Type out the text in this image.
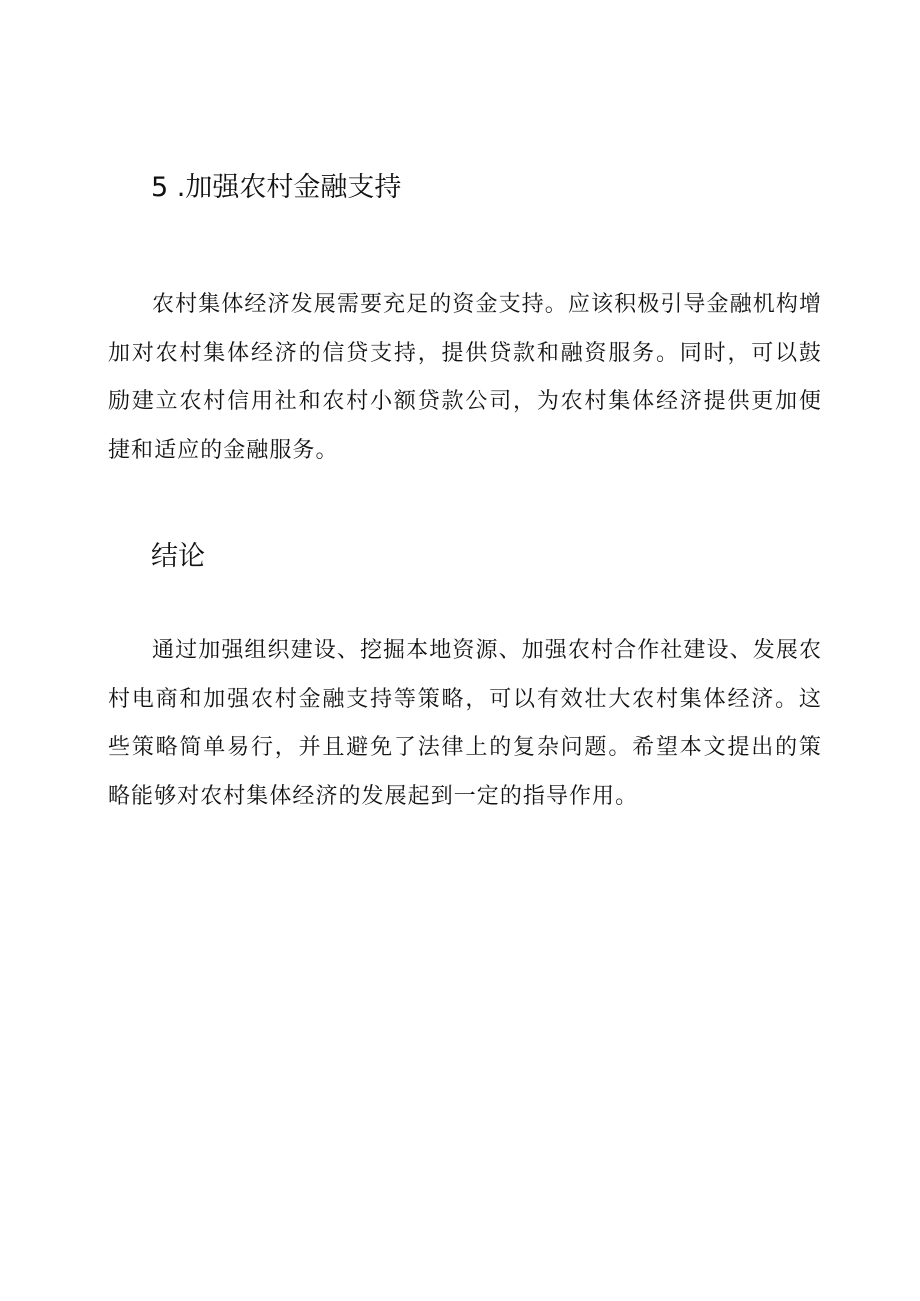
5 .加强农村金融支持

农村集体经济发展需要充足的资金支持。应该积极引导金融机构增加对农村集体经济的信贷支持，提供贷款和融资服务。同时，可以鼓励建立农村信用社和农村小额贷款公司，为农村集体经济提供更加便捷和适应的金融服务。

结论

通过加强组织建设、挖掘本地资源、加强农村合作社建设、发展农村电商和加强农村金融支持等策略，可以有效壮大农村集体经济。这些策略简单易行，并且避免了法律上的复杂问题。希望本文提出的策略能够对农村集体经济的发展起到一定的指导作用。
